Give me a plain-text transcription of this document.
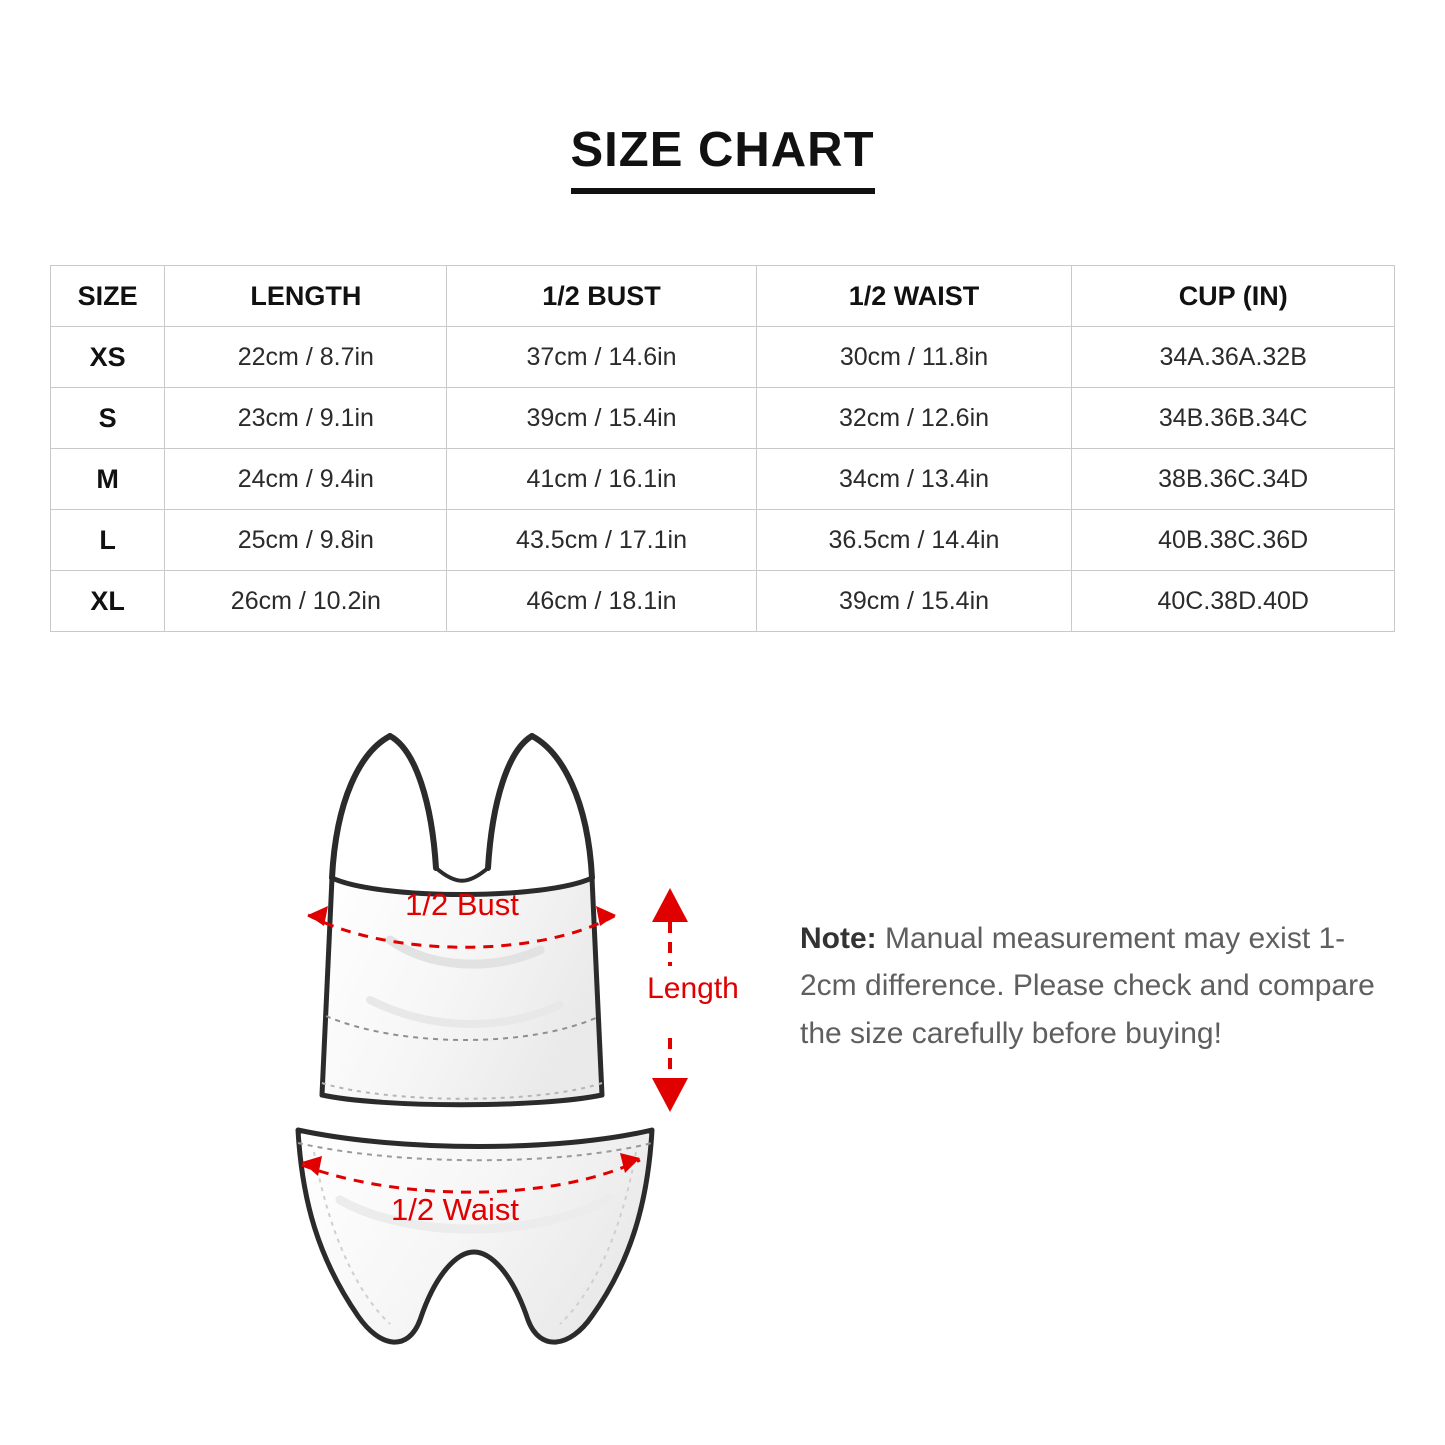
SIZE CHART
SIZE	LENGTH	1/2 BUST	1/2 WAIST	CUP (IN)
XS	22cm / 8.7in	37cm / 14.6in	30cm / 11.8in	34A.36A.32B
S	23cm / 9.1in	39cm / 15.4in	32cm / 12.6in	34B.36B.34C
M	24cm / 9.4in	41cm / 16.1in	34cm / 13.4in	38B.36C.34D
L	25cm / 9.8in	43.5cm / 17.1in	36.5cm / 14.4in	40B.38C.36D
XL	26cm / 10.2in	46cm / 18.1in	39cm / 15.4in	40C.38D.40D
1/2 Bust
1/2 Waist
Length
Note: Manual measurement may exist 1-2cm difference. Please check and compare the size carefully before buying!
